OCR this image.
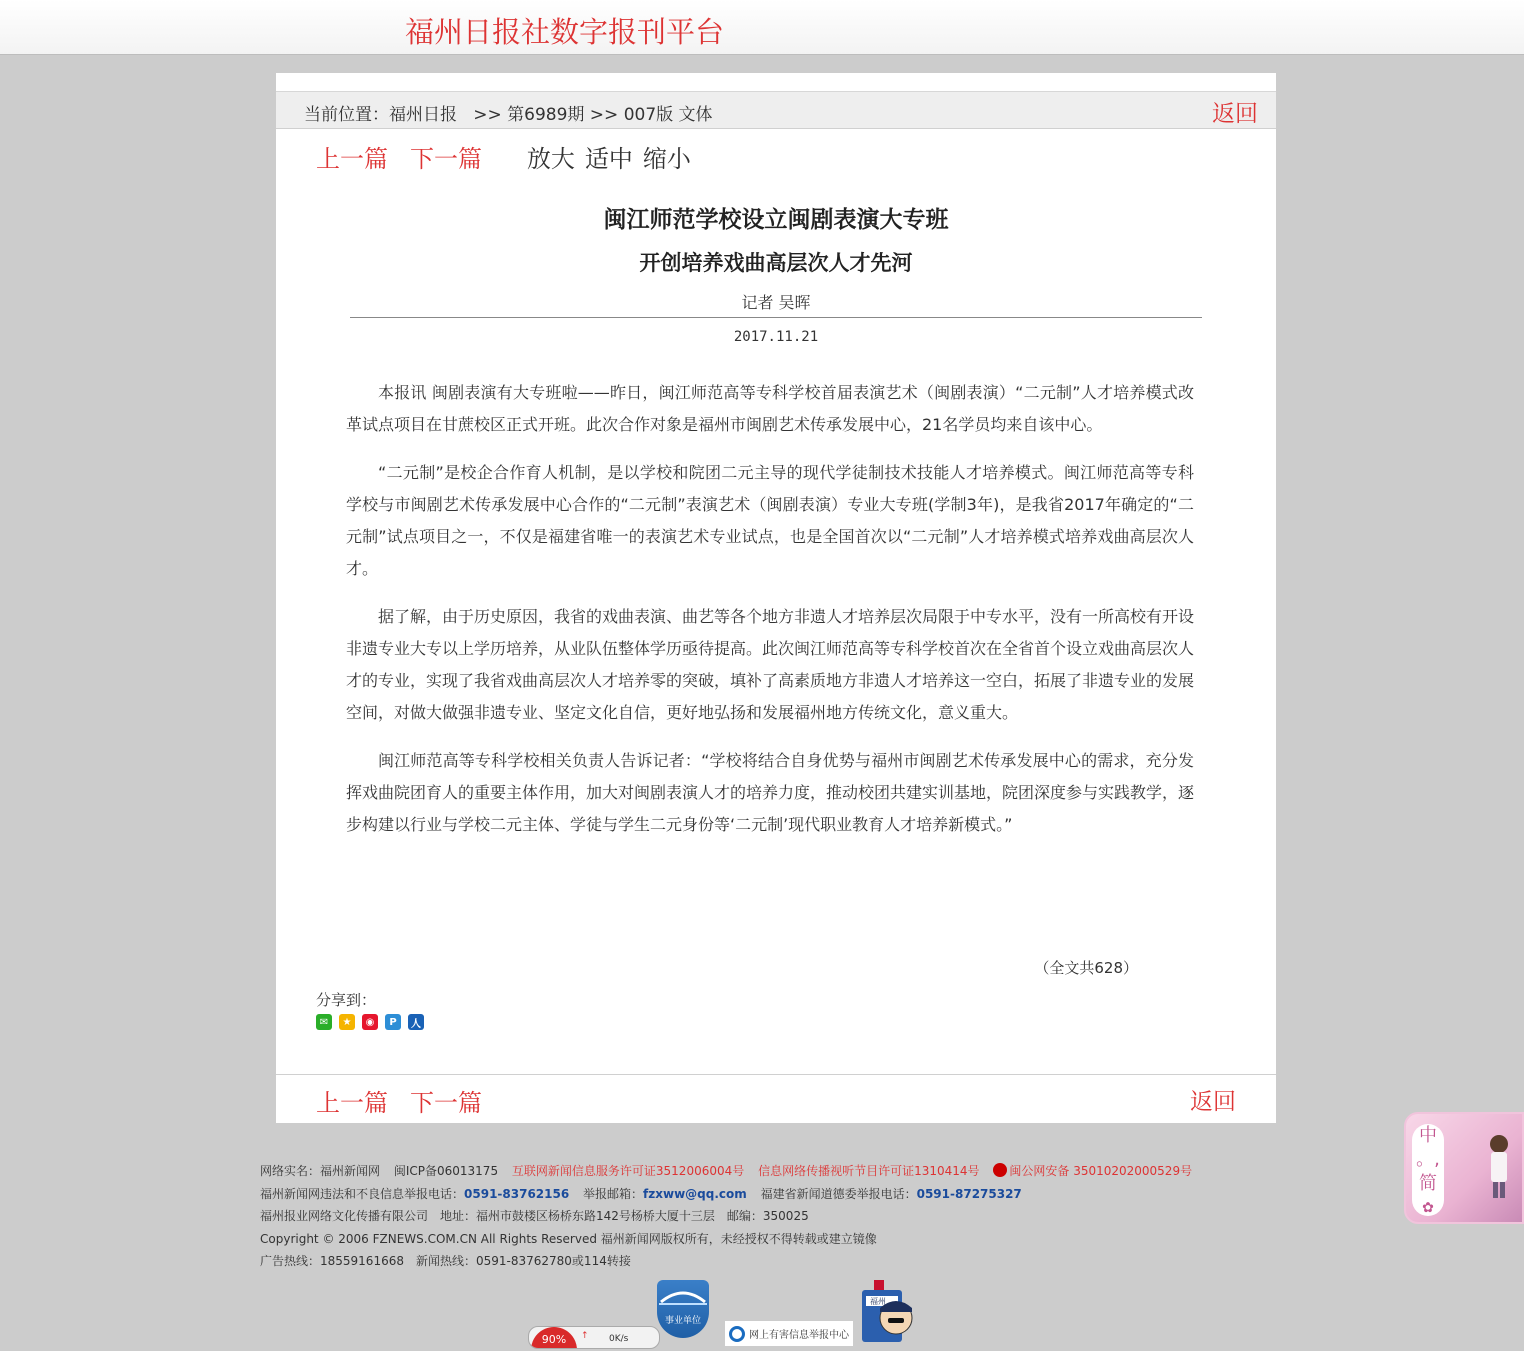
福州日报社数字报刊平台
当前位置：福州日报 >> 第6989期 >> 007版 文体	返回
上一篇 下一篇 放大 适中 缩小
闽江师范学校设立闽剧表演大专班
开创培养戏曲高层次人才先河
记者 吴晖
2017.11.21

本报讯 闽剧表演有大专班啦——昨日，闽江师范高等专科学校首届表演艺术（闽剧表演）“二元制”人才培养模式改革试点项目在甘蔗校区正式开班。此次合作对象是福州市闽剧艺术传承发展中心，21名学员均来自该中心。

“二元制”是校企合作育人机制，是以学校和院团二元主导的现代学徒制技术技能人才培养模式。闽江师范高等专科学校与市闽剧艺术传承发展中心合作的“二元制”表演艺术（闽剧表演）专业大专班(学制3年)，是我省2017年确定的“二元制”试点项目之一，不仅是福建省唯一的表演艺术专业试点，也是全国首次以“二元制”人才培养模式培养戏曲高层次人才。

据了解，由于历史原因，我省的戏曲表演、曲艺等各个地方非遗人才培养层次局限于中专水平，没有一所高校有开设非遗专业大专以上学历培养，从业队伍整体学历亟待提高。此次闽江师范高等专科学校首次在全省首个设立戏曲高层次人才的专业，实现了我省戏曲高层次人才培养零的突破，填补了高素质地方非遗人才培养这一空白，拓展了非遗专业的发展空间，对做大做强非遗专业、坚定文化自信，更好地弘扬和发展福州地方传统文化，意义重大。

闽江师范高等专科学校相关负责人告诉记者：“学校将结合自身优势与福州市闽剧艺术传承发展中心的需求，充分发挥戏曲院团育人的重要主体作用，加大对闽剧表演人才的培养力度，推动校团共建实训基地，院团深度参与实践教学，逐步构建以行业与学校二元主体、学徒与学生二元身份等‘二元制’现代职业教育人才培养新模式。”

（全文共628）
分享到：
✉	★	◉	P	人
上一篇 下一篇	返回
网络实名：福州新闻网 闽ICP备06013175 互联网新闻信息服务许可证3512006004号 信息网络传播视听节目许可证1310414号 闽公网安备 35010202000529号
福州新闻网违法和不良信息举报电话：0591-83762156 举报邮箱：fzxww@qq.com 福建省新闻道德委举报电话：0591-87275327
福州报业网络文化传播有限公司　地址：福州市鼓楼区杨桥东路142号杨桥大厦十三层　邮编：350025
Copyright © 2006 FZNEWS.COM.CN All Rights Reserved 福州新闻网版权所有，未经授权不得转载或建立镜像
广告热线：18559161668　新闻热线：0591-83762780或114转接
事业单位
网上有害信息举报中心
福州
90%	↑ 0K/s
中
。,
简
✿
